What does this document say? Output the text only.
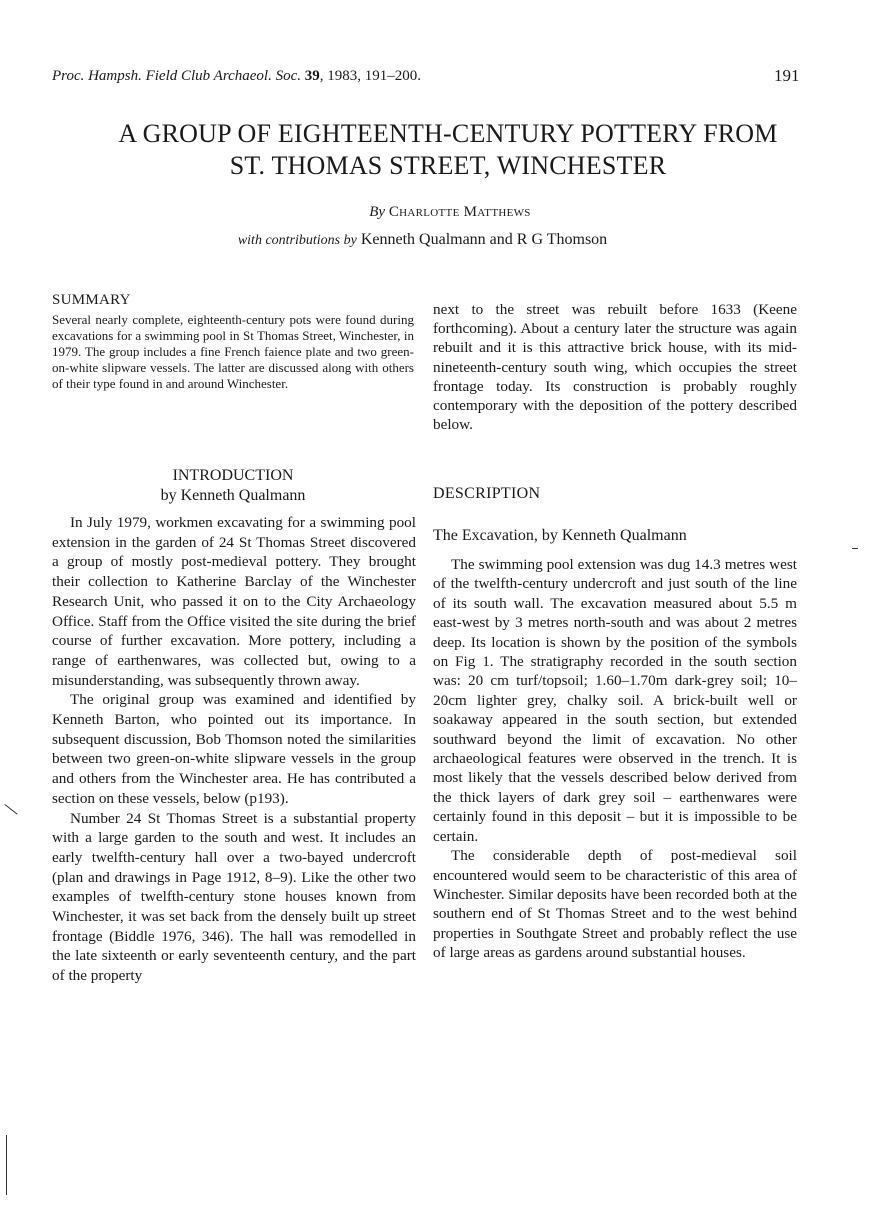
Proc. Hampsh. Field Club Archaeol. Soc. 39, 1983, 191–200.	191
A GROUP OF EIGHTEENTH-CENTURY POTTERY FROM
ST. THOMAS STREET, WINCHESTER
By Charlotte Matthews
with contributions by Kenneth Qualmann and R G Thomson
SUMMARY
Several nearly complete, eighteenth-century pots were found during excavations for a swimming pool in St Thomas Street, Winchester, in 1979. The group includes a fine French faience plate and two green-on-white slipware vessels. The latter are discussed along with others of their type found in and around Winchester.
INTRODUCTION
by Kenneth Qualmann

In July 1979, workmen excavating for a swimming pool extension in the garden of 24 St Thomas Street discovered a group of mostly post-medieval pottery. They brought their collection to Katherine Barclay of the Winchester Research Unit, who passed it on to the City Archaeology Office. Staff from the Office visited the site during the brief course of further excavation. More pottery, including a range of earthenwares, was collected but, owing to a misunderstanding, was subsequently thrown away.

The original group was examined and identified by Kenneth Barton, who pointed out its importance. In subsequent discussion, Bob Thomson noted the similarities between two green-on-white slipware vessels in the group and others from the Winchester area. He has contributed a section on these vessels, below (p193).

Number 24 St Thomas Street is a substantial property with a large garden to the south and west. It includes an early twelfth-century hall over a two-bayed undercroft (plan and drawings in Page 1912, 8–9). Like the other two examples of twelfth-century stone houses known from Winchester, it was set back from the densely built up street frontage (Biddle 1976, 346). The hall was remodelled in the late sixteenth or early seventeenth century, and the part of the property

next to the street was rebuilt before 1633 (Keene forthcoming). About a century later the structure was again rebuilt and it is this attractive brick house, with its mid-nineteenth-century south wing, which occupies the street frontage today. Its construction is probably roughly contemporary with the deposition of the pottery described below.

DESCRIPTION
The Excavation, by Kenneth Qualmann

The swimming pool extension was dug 14.3 metres west of the twelfth-century undercroft and just south of the line of its south wall. The excavation measured about 5.5 m east-west by 3 metres north-south and was about 2 metres deep. Its location is shown by the position of the symbols on Fig 1. The stratigraphy recorded in the south section was: 20 cm turf/topsoil; 1.60–1.70m dark-grey soil; 10–20cm lighter grey, chalky soil. A brick-built well or soakaway appeared in the south section, but extended southward beyond the limit of excavation. No other archaeological features were observed in the trench. It is most likely that the vessels described below derived from the thick layers of dark grey soil – earthenwares were certainly found in this deposit – but it is impossible to be certain.

The considerable depth of post-medieval soil encountered would seem to be characteristic of this area of Winchester. Similar deposits have been recorded both at the southern end of St Thomas Street and to the west behind properties in Southgate Street and probably reflect the use of large areas as gardens around substantial houses.
